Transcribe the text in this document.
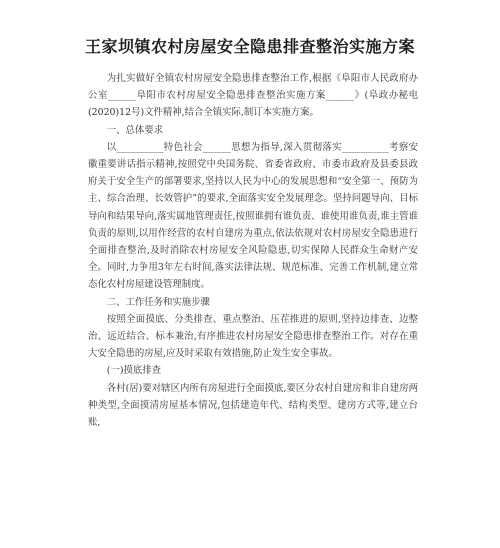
王家坝镇农村房屋安全隐患排查整治实施方案

为扎实做好全镇农村房屋安全隐患排查整治工作,根据《阜阳市人民政府办公室______阜阳市农村房屋安全隐患排查整治实施方案______》(阜政办秘电(2020)12号)文件精神,结合全镇实际,制订本实施方案。

一、总体要求

以__________特色社会______思想为指导,深入贯彻落实__________考察安徽重要讲话指示精神,按照党中央国务院、省委省政府、市委市政府及县委县政府关于安全生产的部署要求,坚持以人民为中心的发展思想和“安全第一、预防为主、综合治理、长效管护”的要求,全面落实安全发展理念。坚持问题导向、目标导向和结果导向,落实属地管理责任,按照谁拥有谁负责、谁使用谁负责,谁主管谁负责的原则,以用作经营的农村自建房为重点,依法依规对农村房屋安全隐患进行全面排查整治,及时消除农村房屋安全风险隐患,切实保障人民群众生命财产安全。同时,力争用3年左右时间,落实法律法规、规范标准、完善工作机制,建立常态化农村房屋建设管理制度。

二、工作任务和实施步骤

按照全面摸底、分类排查、重点整治、压茬推进的原则,坚持边排查、边整治、远近结合、标本兼治,有序推进农村房屋安全隐患排查整治工作。对存在重大安全隐患的房屋,应及时采取有效措施,防止发生安全事故。

(一)摸底排查

各村(居)要对辖区内所有房屋进行全面摸底,要区分农村自建房和非自建房两种类型,全面摸清房屋基本情况,包括建造年代、结构类型、建房方式等,建立台账,
